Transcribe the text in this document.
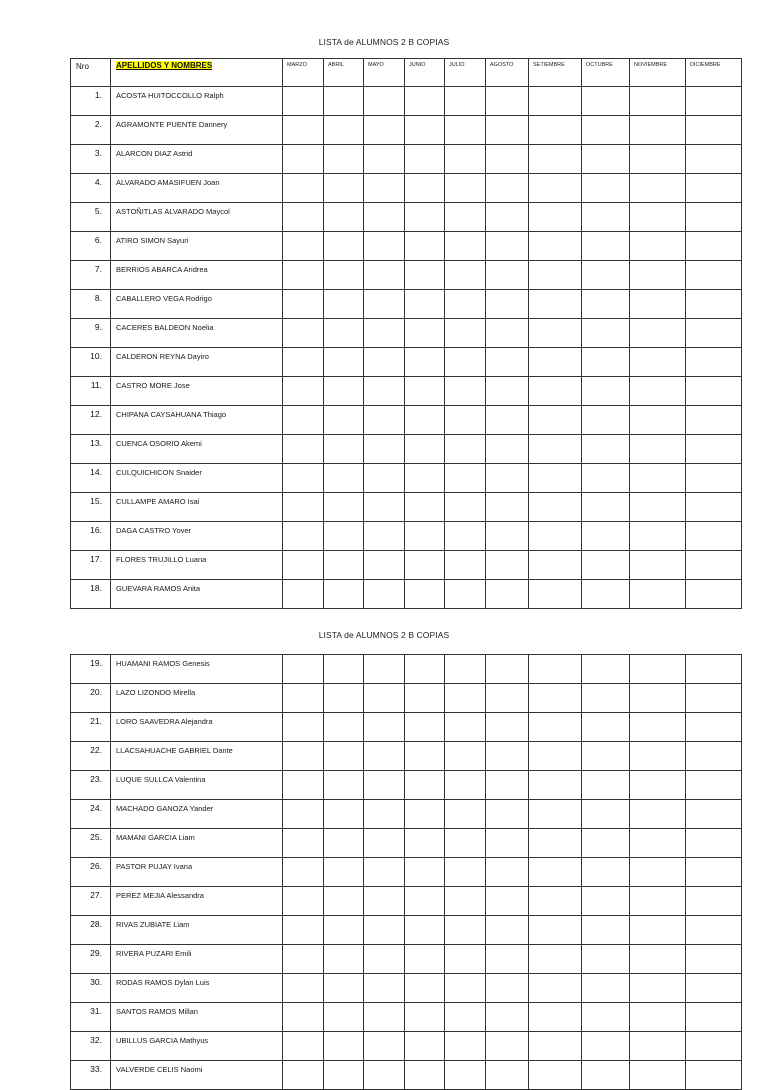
LISTA de ALUMNOS 2 B COPIAS
Nro	APELLIDOS Y NOMBRES	MARZO	ABRIL	MAYO	JUNIO	JULIO	AGOSTO	SETIEMBRE	OCTUBRE	NOVIEMBRE	DICIEMBRE
1.	ACOSTA HUITOCCOLLO Ralph										
2.	AGRAMONTE PUENTE Dannery										
3.	ALARCON DIAZ Astrid										
4.	ALVARADO AMASIFUEN Joan										
5.	ASTOÑITLAS ALVARADO Maycol										
6.	ATIRO SIMON Sayuri										
7.	BERRIOS ABARCA Andrea										
8.	CABALLERO VEGA Rodrigo										
9.	CACERES BALDEON Noelia										
10.	CALDERON REYNA Dayiro										
11.	CASTRO MORE Jose										
12.	CHIPANA CAYSAHUANA Thiago										
13.	CUENCA OSORIO Akemi										
14.	CULQUICHICON Snaider										
15.	CULLAMPE AMARO Isai										
16.	DAGA CASTRO Yover										
17.	FLORES TRUJILLO Luana										
18.	GUEVARA RAMOS Anita										
LISTA de ALUMNOS 2 B COPIAS
19.	HUAMANI RAMOS Genesis										
20.	LAZO LIZONDO Mirella										
21.	LORO SAAVEDRA Alejandra										
22.	LLACSAHUACHE GABRIEL Dante										
23.	LUQUE SULLCA Valentina										
24.	MACHADO GANOZA Yander										
25.	MAMANI GARCIA Liam										
26.	PASTOR PUJAY Ivana										
27.	PEREZ MEJIA Alessandra										
28.	RIVAS ZUBIATE Liam										
29.	RIVERA PUZARI Emili										
30.	RODAS RAMOS Dylan Luis										
31.	SANTOS RAMOS Millan										
32.	UBILLUS GARCIA Mathyus										
33.	VALVERDE CELIS Naomi										
